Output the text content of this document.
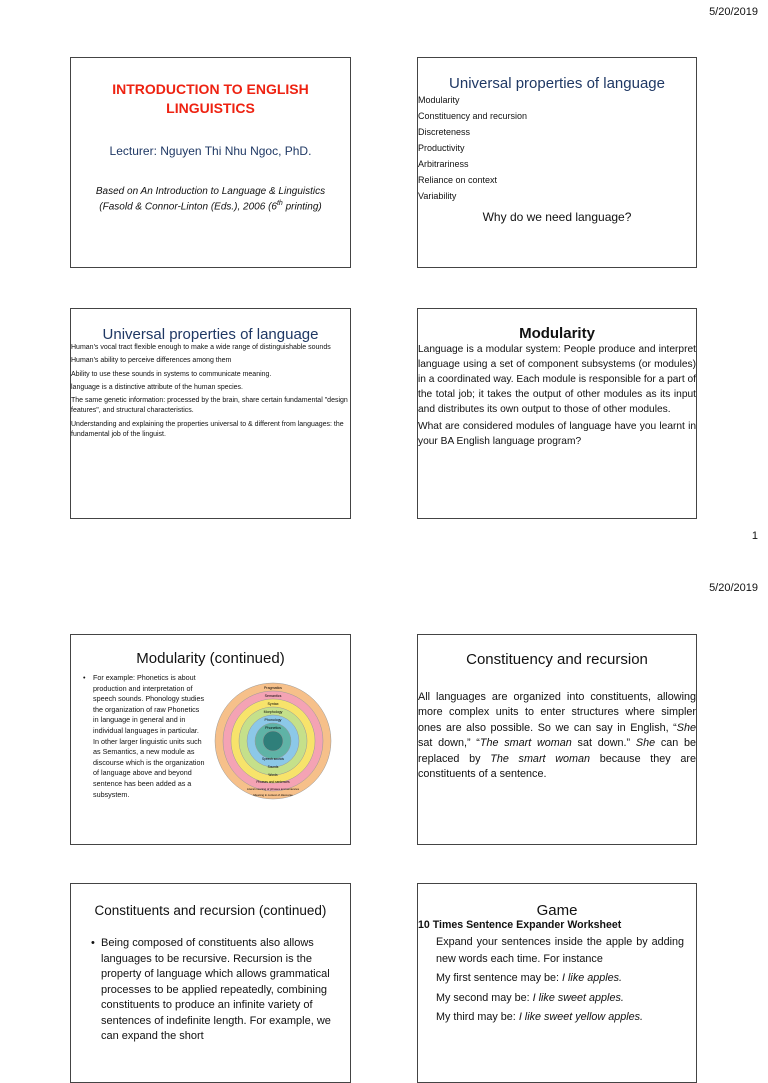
5/20/2019
INTRODUCTION TO ENGLISH LINGUISTICS
Lecturer: Nguyen Thi Nhu Ngoc, PhD.
Based on An Introduction to Language & Linguistics
(Fasold & Connor-Linton (Eds.), 2006 (6th printing)
Universal properties of language
• Modularity
• Constituency and recursion
• Discreteness
• Productivity
• Arbitrariness
• Reliance on context
• Variability
Why do we need language?
Universal properties of language
• Human's vocal tract flexible enough to make a wide range of distinguishable sounds
• Human's ability to perceive differences among them
• Ability to use these sounds in systems to communicate meaning.
→ language is a distinctive attribute of the human species.
• The same genetic information: processed by the brain, share certain fundamental "design features", and structural characteristics.
• Understanding and explaining the properties universal to & different from languages: the fundamental job of the linguist.
Modularity
• Language is a modular system: People produce and interpret language using a set of component subsystems (or modules) in a coordinated way. Each module is responsible for a part of the total job; it takes the output of other modules as its input and distributes its own output to those of other modules.
• What are considered modules of language have you learnt in your BA English language program?
1
5/20/2019
Modularity (continued)
• For example: Phonetics is about production and interpretation of speech sounds. Phonology studies the organization of raw Phonetics in language in general and in individual languages in particular. In other larger linguistic units such as Semantics, a new module as discourse which is the organization of language above and beyond sentence has been added as a subsystem.
Pragmatics
Semantics
Syntax
Morphology
Phonology
Phonetics
Speech sounds
Sounds
Words
Phrases and sentences
Literal meaning of phrases and sentences
Meaning in context of discourse
Constituency and recursion
• All languages are organized into constituents, allowing more complex units to enter structures where simpler ones are also possible. So we can say in English, “She sat down,” “The smart woman sat down.” She can be replaced by The smart woman because they are constituents of a sentence.
Constituents and recursion (continued)
• Being composed of constituents also allows languages to be recursive. Recursion is the property of language which allows grammatical processes to be applied repeatedly, combining constituents to produce an infinite variety of sentences of indefinite length. For example, we can expand the short
Game
• 10 Times Sentence Expander Worksheet
Expand your sentences inside the apple by adding new words each time. For instance
My first sentence may be: I like apples.
My second may be: I like sweet apples.
My third may be: I like sweet yellow apples.
